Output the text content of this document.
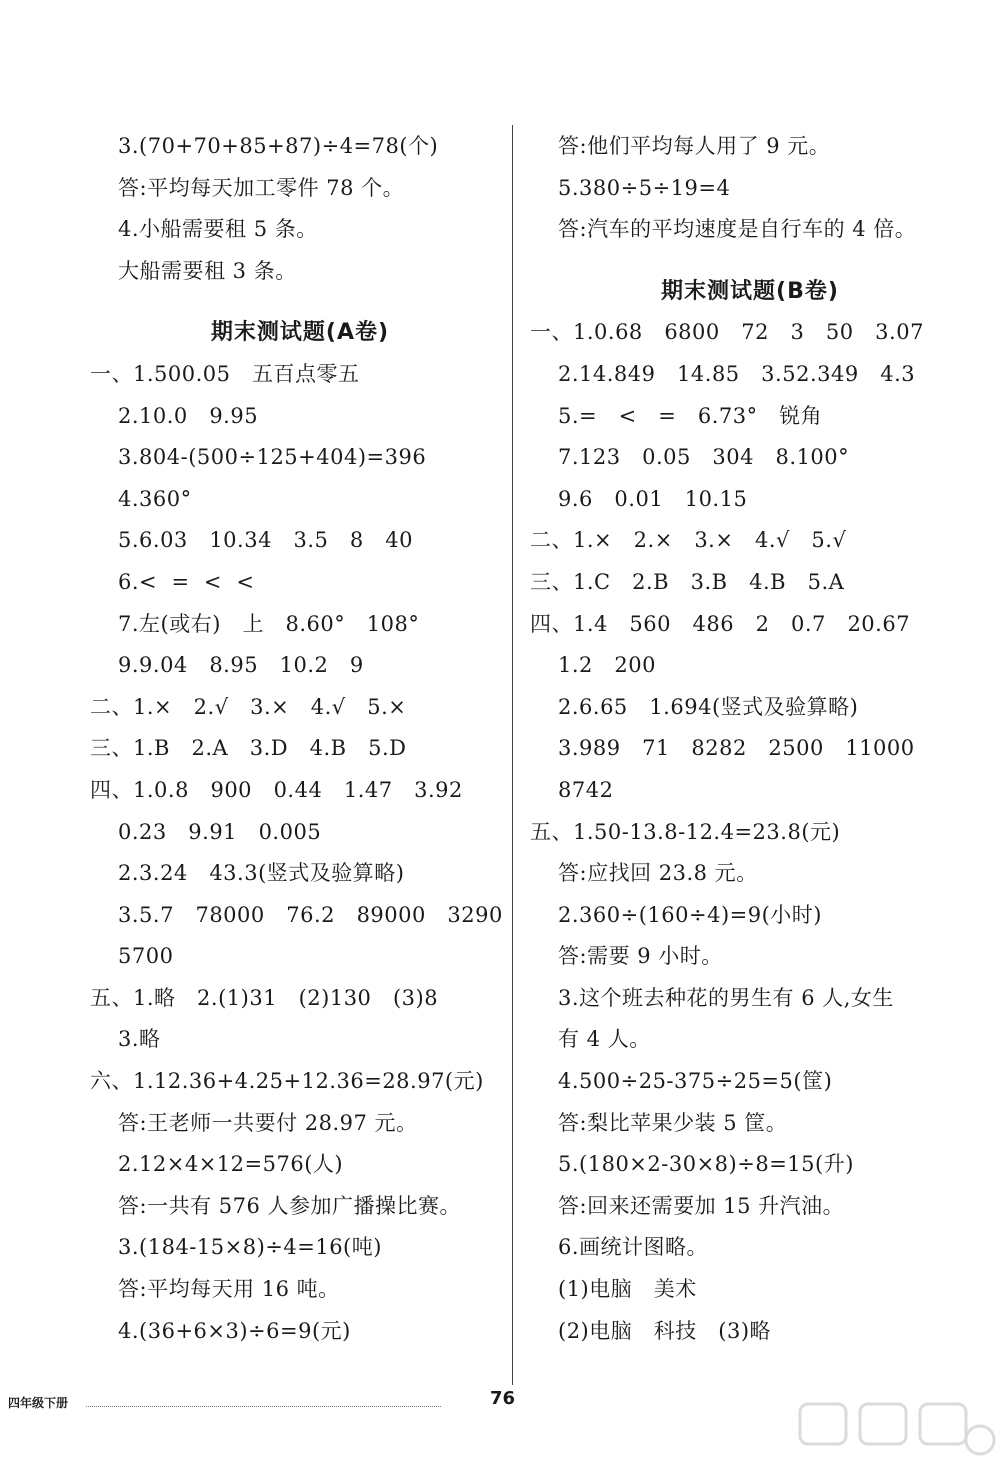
3.(70+70+85+87)÷4=78(个)
答:平均每天加工零件 78 个。
4.小船需要租 5 条。
大船需要租 3 条。
期末测试题(A卷)
一、1.500.05   五百点零五
2.10.0   9.95
3.804-(500÷125+404)=396
4.360°
5.6.03   10.34   3.5   8   40
6.<  =  <  <
7.左(或右)   上   8.60°   108°
9.9.04   8.95   10.2   9
二、1.×   2.√   3.×   4.√   5.×
三、1.B   2.A   3.D   4.B   5.D
四、1.0.8   900   0.44   1.47   3.92
0.23   9.91   0.005
2.3.24   43.3(竖式及验算略)
3.5.7   78000   76.2   89000   3290
5700
五、1.略   2.(1)31   (2)130   (3)8
3.略
六、1.12.36+4.25+12.36=28.97(元)
答:王老师一共要付 28.97 元。
2.12×4×12=576(人)
答:一共有 576 人参加广播操比赛。
3.(184-15×8)÷4=16(吨)
答:平均每天用 16 吨。
4.(36+6×3)÷6=9(元)
答:他们平均每人用了 9 元。
5.380÷5÷19=4
答:汽车的平均速度是自行车的 4 倍。
期末测试题(B卷)
一、1.0.68   6800   72   3   50   3.07
2.14.849   14.85   3.52.349   4.3
5.=   <   =   6.73°   锐角
7.123   0.05   304   8.100°
9.6   0.01   10.15
二、1.×   2.×   3.×   4.√   5.√
三、1.C   2.B   3.B   4.B   5.A
四、1.4   560   486   2   0.7   20.67
1.2   200
2.6.65   1.694(竖式及验算略)
3.989   71   8282   2500   11000
8742
五、1.50-13.8-12.4=23.8(元)
答:应找回 23.8 元。
2.360÷(160÷4)=9(小时)
答:需要 9 小时。
3.这个班去种花的男生有 6 人,女生
有 4 人。
4.500÷25-375÷25=5(筐)
答:梨比苹果少装 5 筐。
5.(180×2-30×8)÷8=15(升)
答:回来还需要加 15 升汽油。
6.画统计图略。
(1)电脑   美术
(2)电脑   科技   (3)略
四年级下册	76
